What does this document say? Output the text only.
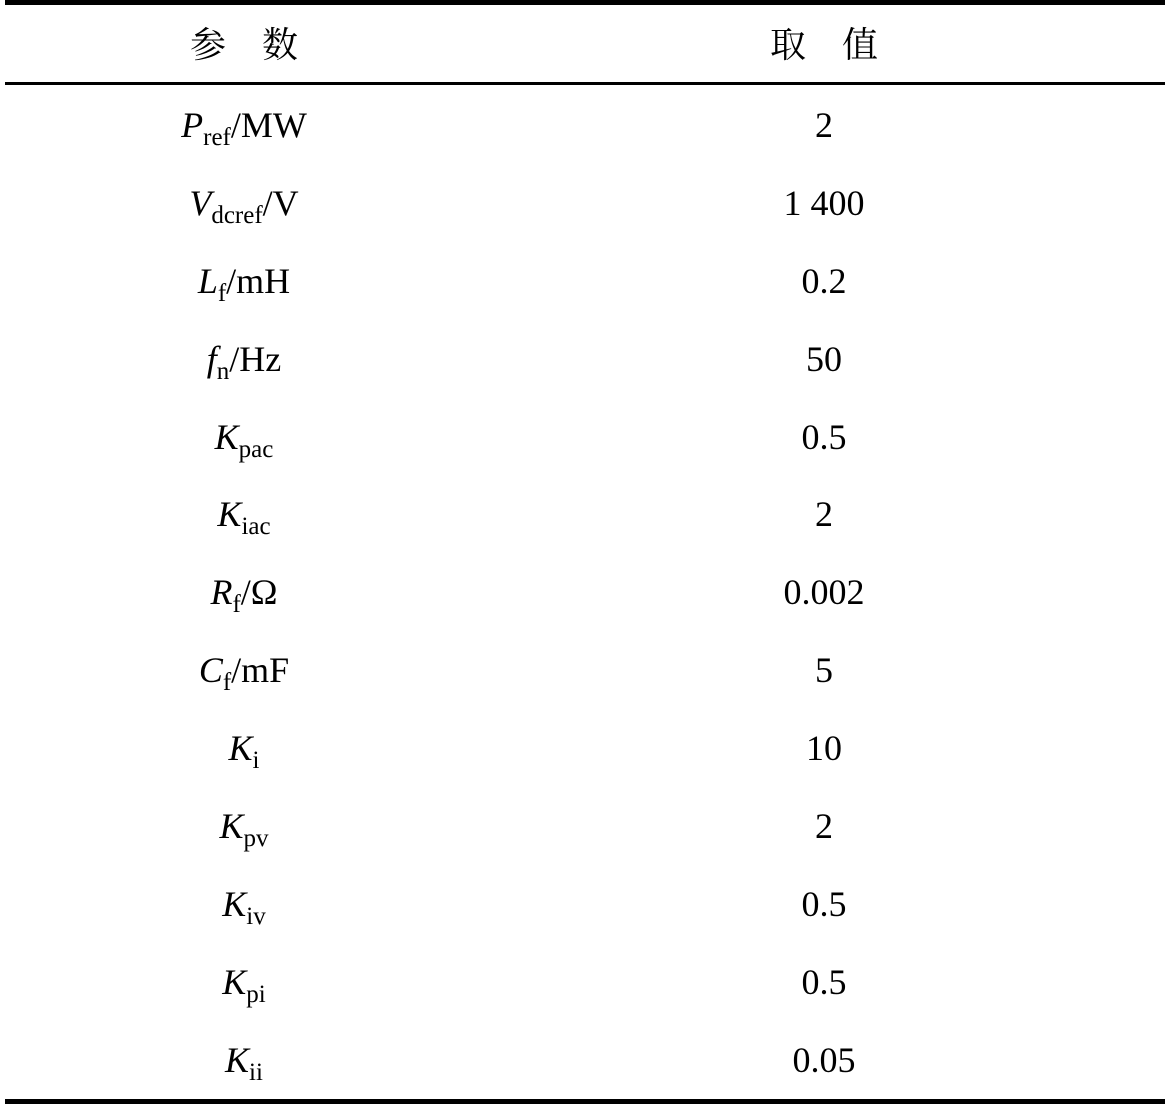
参　数	取　值
$P_{ref}/MW$	2
$V_{dcref}/V$	1 400
$L_f/mH$	0.2
$f_n/Hz$	50
$K_{pac}$	0.5
$K_{iac}$	2
$R_f/\Omega$	0.002
$C_f/mF$	5
$K_i$	10
$K_{pv}$	2
$K_{iv}$	0.5
$K_{pi}$	0.5
$K_{ii}$	0.05
